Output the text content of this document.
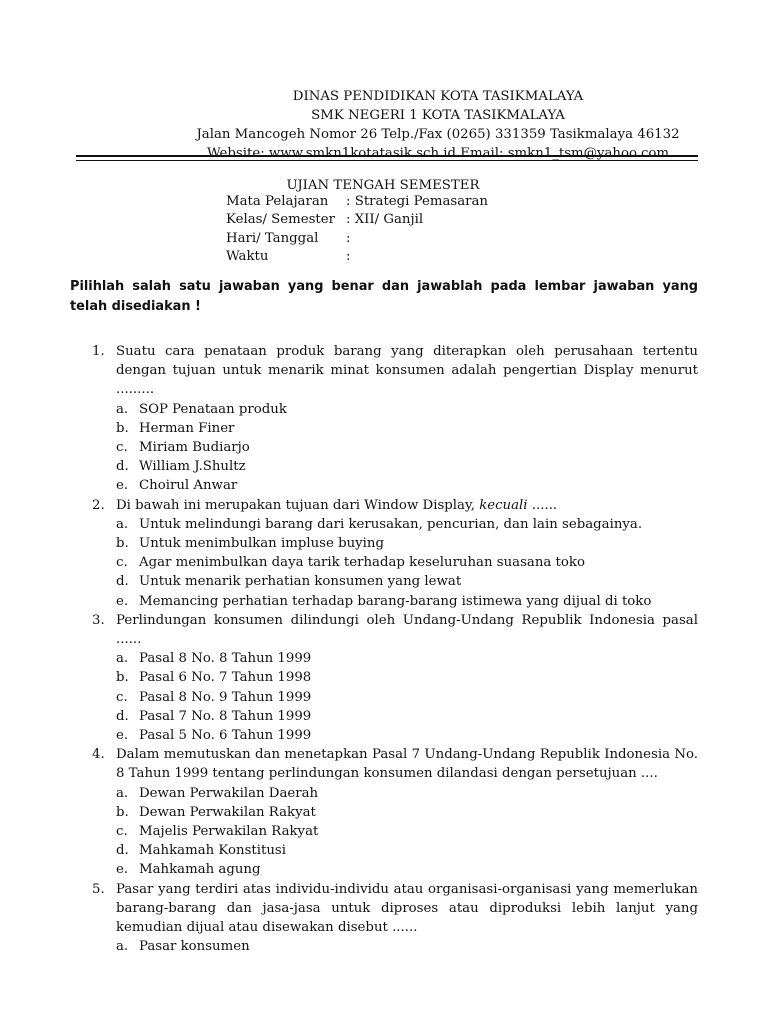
DINAS PENDIDIKAN KOTA TASIKMALAYA
SMK NEGERI 1 KOTA TASIKMALAYA
Jalan Mancogeh Nomor 26 Telp./Fax (0265) 331359 Tasikmalaya 46132
Website: www.smkn1kotatasik.sch.id Email: smkn1_tsm@yahoo.com
UJIAN TENGAH SEMESTER
Mata Pelajaran : Strategi Pemasaran
Kelas/ Semester : XII/ Ganjil
Hari/ Tanggal :
Waktu	:
Pilihlah salah satu jawaban yang benar dan jawablah pada lembar jawaban yang telah disediakan !
1. Suatu cara penataan produk barang yang diterapkan oleh perusahaan tertentu dengan tujuan untuk menarik minat konsumen adalah pengertian Display menurut .........
a. SOP Penataan produk
b. Herman Finer
c. Miriam Budiarjo
d. William J.Shultz
e. Choirul Anwar
2. Di bawah ini merupakan tujuan dari Window Display, kecuali ......
a. Untuk melindungi barang dari kerusakan, pencurian, dan lain sebagainya.
b. Untuk menimbulkan impluse buying
c. Agar menimbulkan daya tarik terhadap keseluruhan suasana toko
d. Untuk menarik perhatian konsumen yang lewat
e. Memancing perhatian terhadap barang-barang istimewa yang dijual di toko
3. Perlindungan konsumen dilindungi oleh Undang-Undang Republik Indonesia pasal ......
a. Pasal 8 No. 8 Tahun 1999
b. Pasal 6 No. 7 Tahun 1998
c. Pasal 8 No. 9 Tahun 1999
d. Pasal 7 No. 8 Tahun 1999
e. Pasal 5 No. 6 Tahun 1999
4. Dalam memutuskan dan menetapkan Pasal 7 Undang-Undang Republik Indonesia No. 8 Tahun 1999 tentang perlindungan konsumen dilandasi dengan persetujuan ....
a. Dewan Perwakilan Daerah
b. Dewan Perwakilan Rakyat
c. Majelis Perwakilan Rakyat
d. Mahkamah Konstitusi
e. Mahkamah agung
5. Pasar yang terdiri atas individu-individu atau organisasi-organisasi yang memerlukan barang-barang dan jasa-jasa untuk diproses atau diproduksi lebih lanjut yang kemudian dijual atau disewakan disebut ......
a. Pasar konsumen
